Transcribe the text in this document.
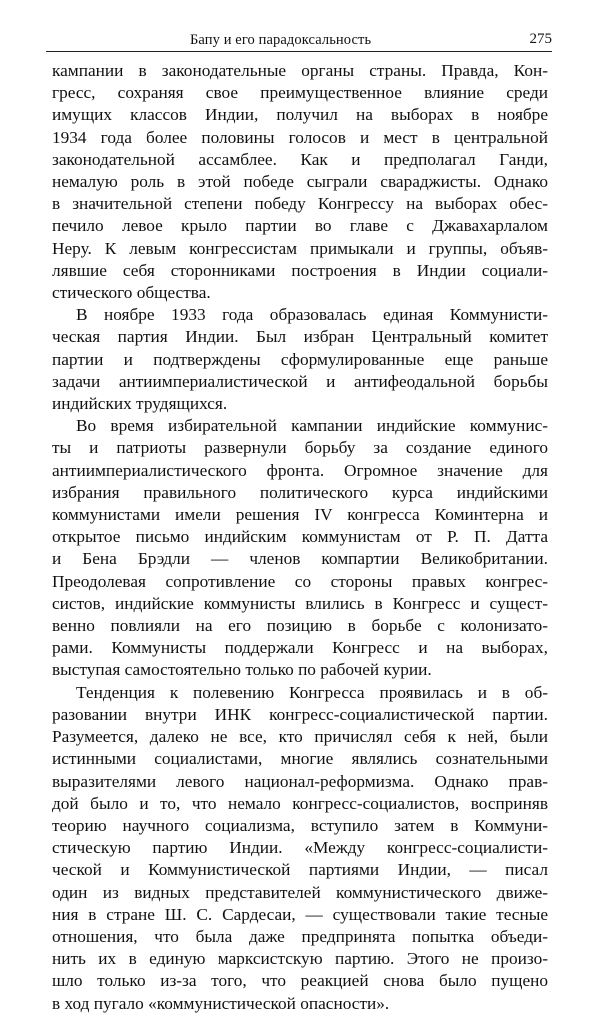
Бапу и его парадоксальность	275

кампании в законодательные органы страны. Правда, Кон-
гресс, сохраняя свое преимущественное влияние среди
имущих классов Индии, получил на выборах в ноябре
1934 года более половины голосов и мест в центральной
законодательной ассамблее. Как и предполагал Ганди,
немалую роль в этой победе сыграли свараджисты. Однако
в значительной степени победу Конгрессу на выборах обес-
печило левое крыло партии во главе с Джавахарлалом
Неру. К левым конгрессистам примыкали и группы, объяв-
лявшие себя сторонниками построения в Индии социали-
стического общества.

В ноябре 1933 года образовалась единая Коммунисти-
ческая партия Индии. Был избран Центральный комитет
партии и подтверждены сформулированные еще раньше
задачи антиимпериалистической и антифеодальной борьбы
индийских трудящихся.

Во время избирательной кампании индийские коммунис-
ты и патриоты развернули борьбу за создание единого
антиимпериалистического фронта. Огромное значение для
избрания правильного политического курса индийскими
коммунистами имели решения IV конгресса Коминтерна и
открытое письмо индийским коммунистам от Р. П. Датта
и Бена Брэдли — членов компартии Великобритании.
Преодолевая сопротивление со стороны правых конгрес-
систов, индийские коммунисты влились в Конгресс и сущест-
венно повлияли на его позицию в борьбе с колонизато-
рами. Коммунисты поддержали Конгресс и на выборах,
выступая самостоятельно только по рабочей курии.

Тенденция к полевению Конгресса проявилась и в об-
разовании внутри ИНК конгресс-социалистической партии.
Разумеется, далеко не все, кто причислял себя к ней, были
истинными социалистами, многие являлись сознательными
выразителями левого национал-реформизма. Однако прав-
дой было и то, что немало конгресс-социалистов, восприняв
теорию научного социализма, вступило затем в Коммуни-
стическую партию Индии. «Между конгресс-социалисти-
ческой и Коммунистической партиями Индии, — писал
один из видных представителей коммунистического движе-
ния в стране Ш. С. Сардесаи, — существовали такие тесные
отношения, что была даже предпринята попытка объеди-
нить их в единую марксистскую партию. Этого не произо-
шло только из-за того, что реакцией снова было пущено
в ход пугало «коммунистической опасности».
